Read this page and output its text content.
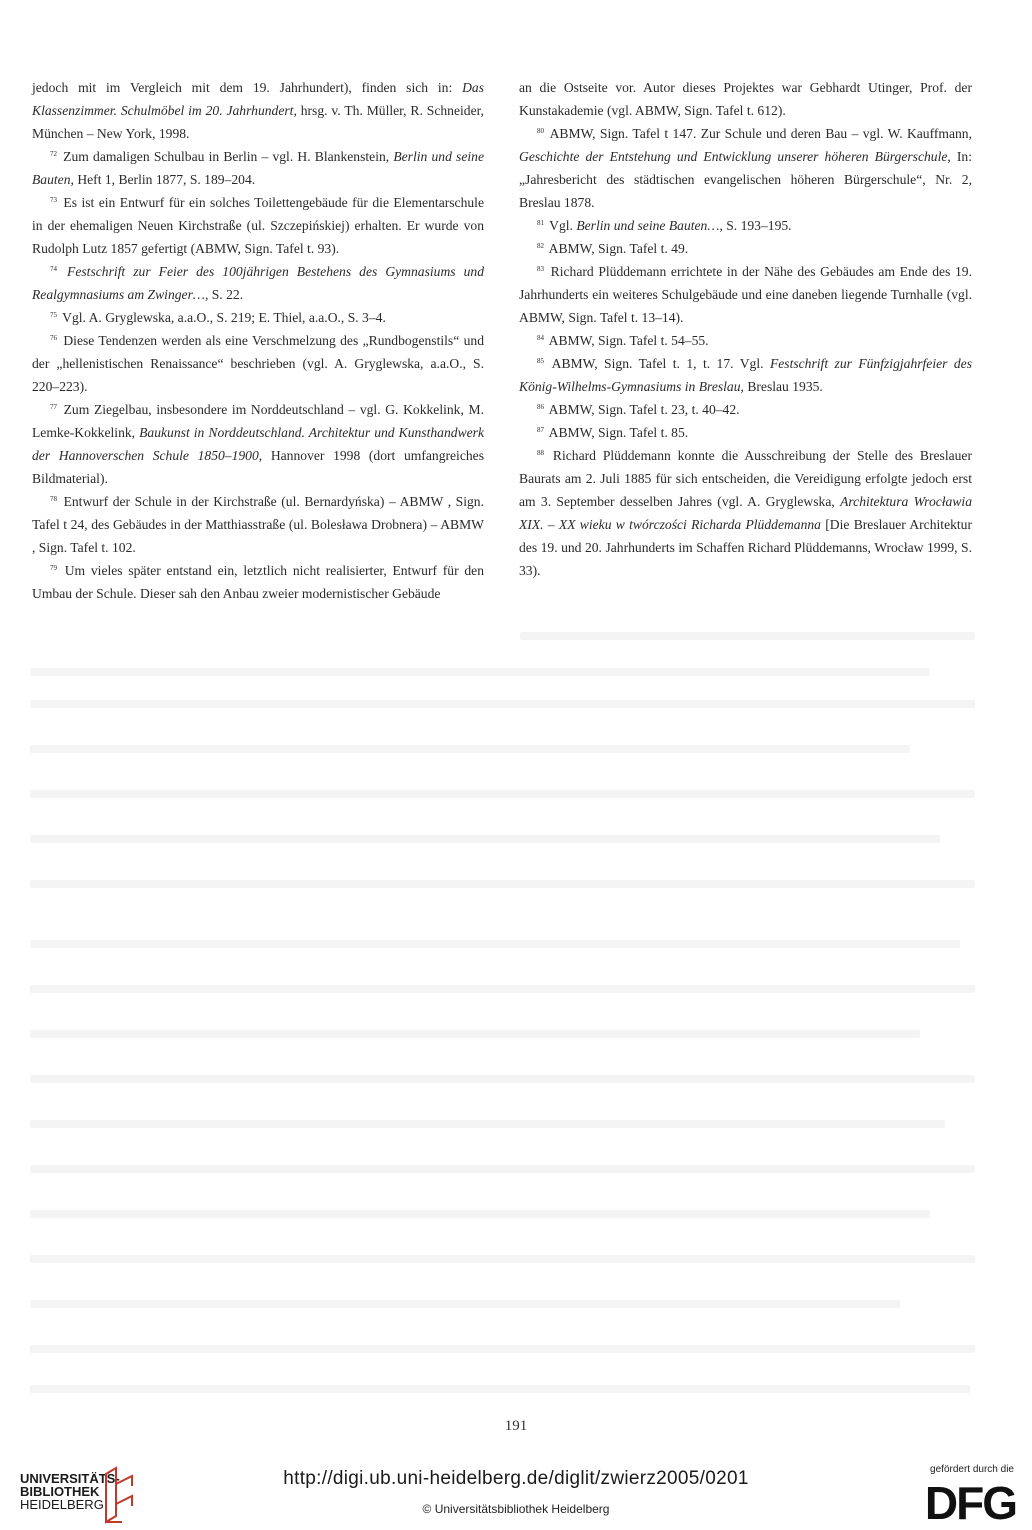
jedoch mit im Vergleich mit dem 19. Jahrhundert), finden sich in: Das Klassenzimmer. Schulmöbel im 20. Jahrhundert, hrsg. v. Th. Müller, R. Schneider, München – New York, 1998.

$^{72}$ Zum damaligen Schulbau in Berlin – vgl. H. Blankenstein, Berlin und seine Bauten, Heft 1, Berlin 1877, S. 189–204.

$^{73}$ Es ist ein Entwurf für ein solches Toilettengebäude für die Elementarschule in der ehemaligen Neuen Kirchstraße (ul. Szczepińskiej) erhalten. Er wurde von Rudolph Lutz 1857 gefertigt (ABMW, Sign. Tafel t. 93).

$^{74}$ Festschrift zur Feier des 100jährigen Bestehens des Gymnasiums und Realgymnasiums am Zwinger…, S. 22.

$^{75}$ Vgl. A. Gryglewska, a.a.O., S. 219; E. Thiel, a.a.O., S. 3–4.

$^{76}$ Diese Tendenzen werden als eine Verschmelzung des „Rundbogenstils“ und der „hellenistischen Renaissance“ beschrieben (vgl. A. Gryglewska, a.a.O., S. 220–223).

$^{77}$ Zum Ziegelbau, insbesondere im Norddeutschland – vgl. G. Kokkelink, M. Lemke-Kokkelink, Baukunst in Norddeutschland. Architektur und Kunsthandwerk der Hannoverschen Schule 1850–1900, Hannover 1998 (dort umfangreiches Bildmaterial).

$^{78}$ Entwurf der Schule in der Kirchstraße (ul. Bernardyńska) – ABMW , Sign. Tafel t 24, des Gebäudes in der Matthiasstraße (ul. Bolesława Drobnera) – ABMW , Sign. Tafel t. 102.

$^{79}$ Um vieles später entstand ein, letztlich nicht realisierter, Entwurf für den Umbau der Schule. Dieser sah den Anbau zweier modernistischer Gebäude

an die Ostseite vor. Autor dieses Projektes war Gebhardt Utinger, Prof. der Kunstakademie (vgl. ABMW, Sign. Tafel t. 612).

$^{80}$ ABMW, Sign. Tafel t 147. Zur Schule und deren Bau – vgl. W. Kauffmann, Geschichte der Entstehung und Entwicklung unserer höheren Bürgerschule, In: „Jahresbericht des städtischen evangelischen höheren Bürgerschule“, Nr. 2, Breslau 1878.

$^{81}$ Vgl. Berlin und seine Bauten…, S. 193–195.

$^{82}$ ABMW, Sign. Tafel t. 49.

$^{83}$ Richard Plüddemann errichtete in der Nähe des Gebäudes am Ende des 19. Jahrhunderts ein weiteres Schulgebäude und eine daneben liegende Turnhalle (vgl. ABMW, Sign. Tafel t. 13–14).

$^{84}$ ABMW, Sign. Tafel t. 54–55.

$^{85}$ ABMW, Sign. Tafel t. 1, t. 17. Vgl. Festschrift zur Fünfzigjahrfeier des König-Wilhelms-Gymnasiums in Breslau, Breslau 1935.

$^{86}$ ABMW, Sign. Tafel t. 23, t. 40–42.

$^{87}$ ABMW, Sign. Tafel t. 85.

$^{88}$ Richard Plüddemann konnte die Ausschreibung der Stelle des Breslauer Baurats am 2. Juli 1885 für sich entscheiden, die Vereidigung erfolgte jedoch erst am 3. September desselben Jahres (vgl. A. Gryglewska, Architektura Wrocławia XIX. – XX wieku w twórczości Richarda Plüddemanna [Die Breslauer Architektur des 19. und 20. Jahrhunderts im Schaffen Richard Plüddemanns, Wrocław 1999, S. 33).

191
UNIVERSITÄTS-
BIBLIOTHEK
HEIDELBERG
http://digi.ub.uni-heidelberg.de/diglit/zwierz2005/0201
© Universitätsbibliothek Heidelberg
gefördert durch die
DFG
